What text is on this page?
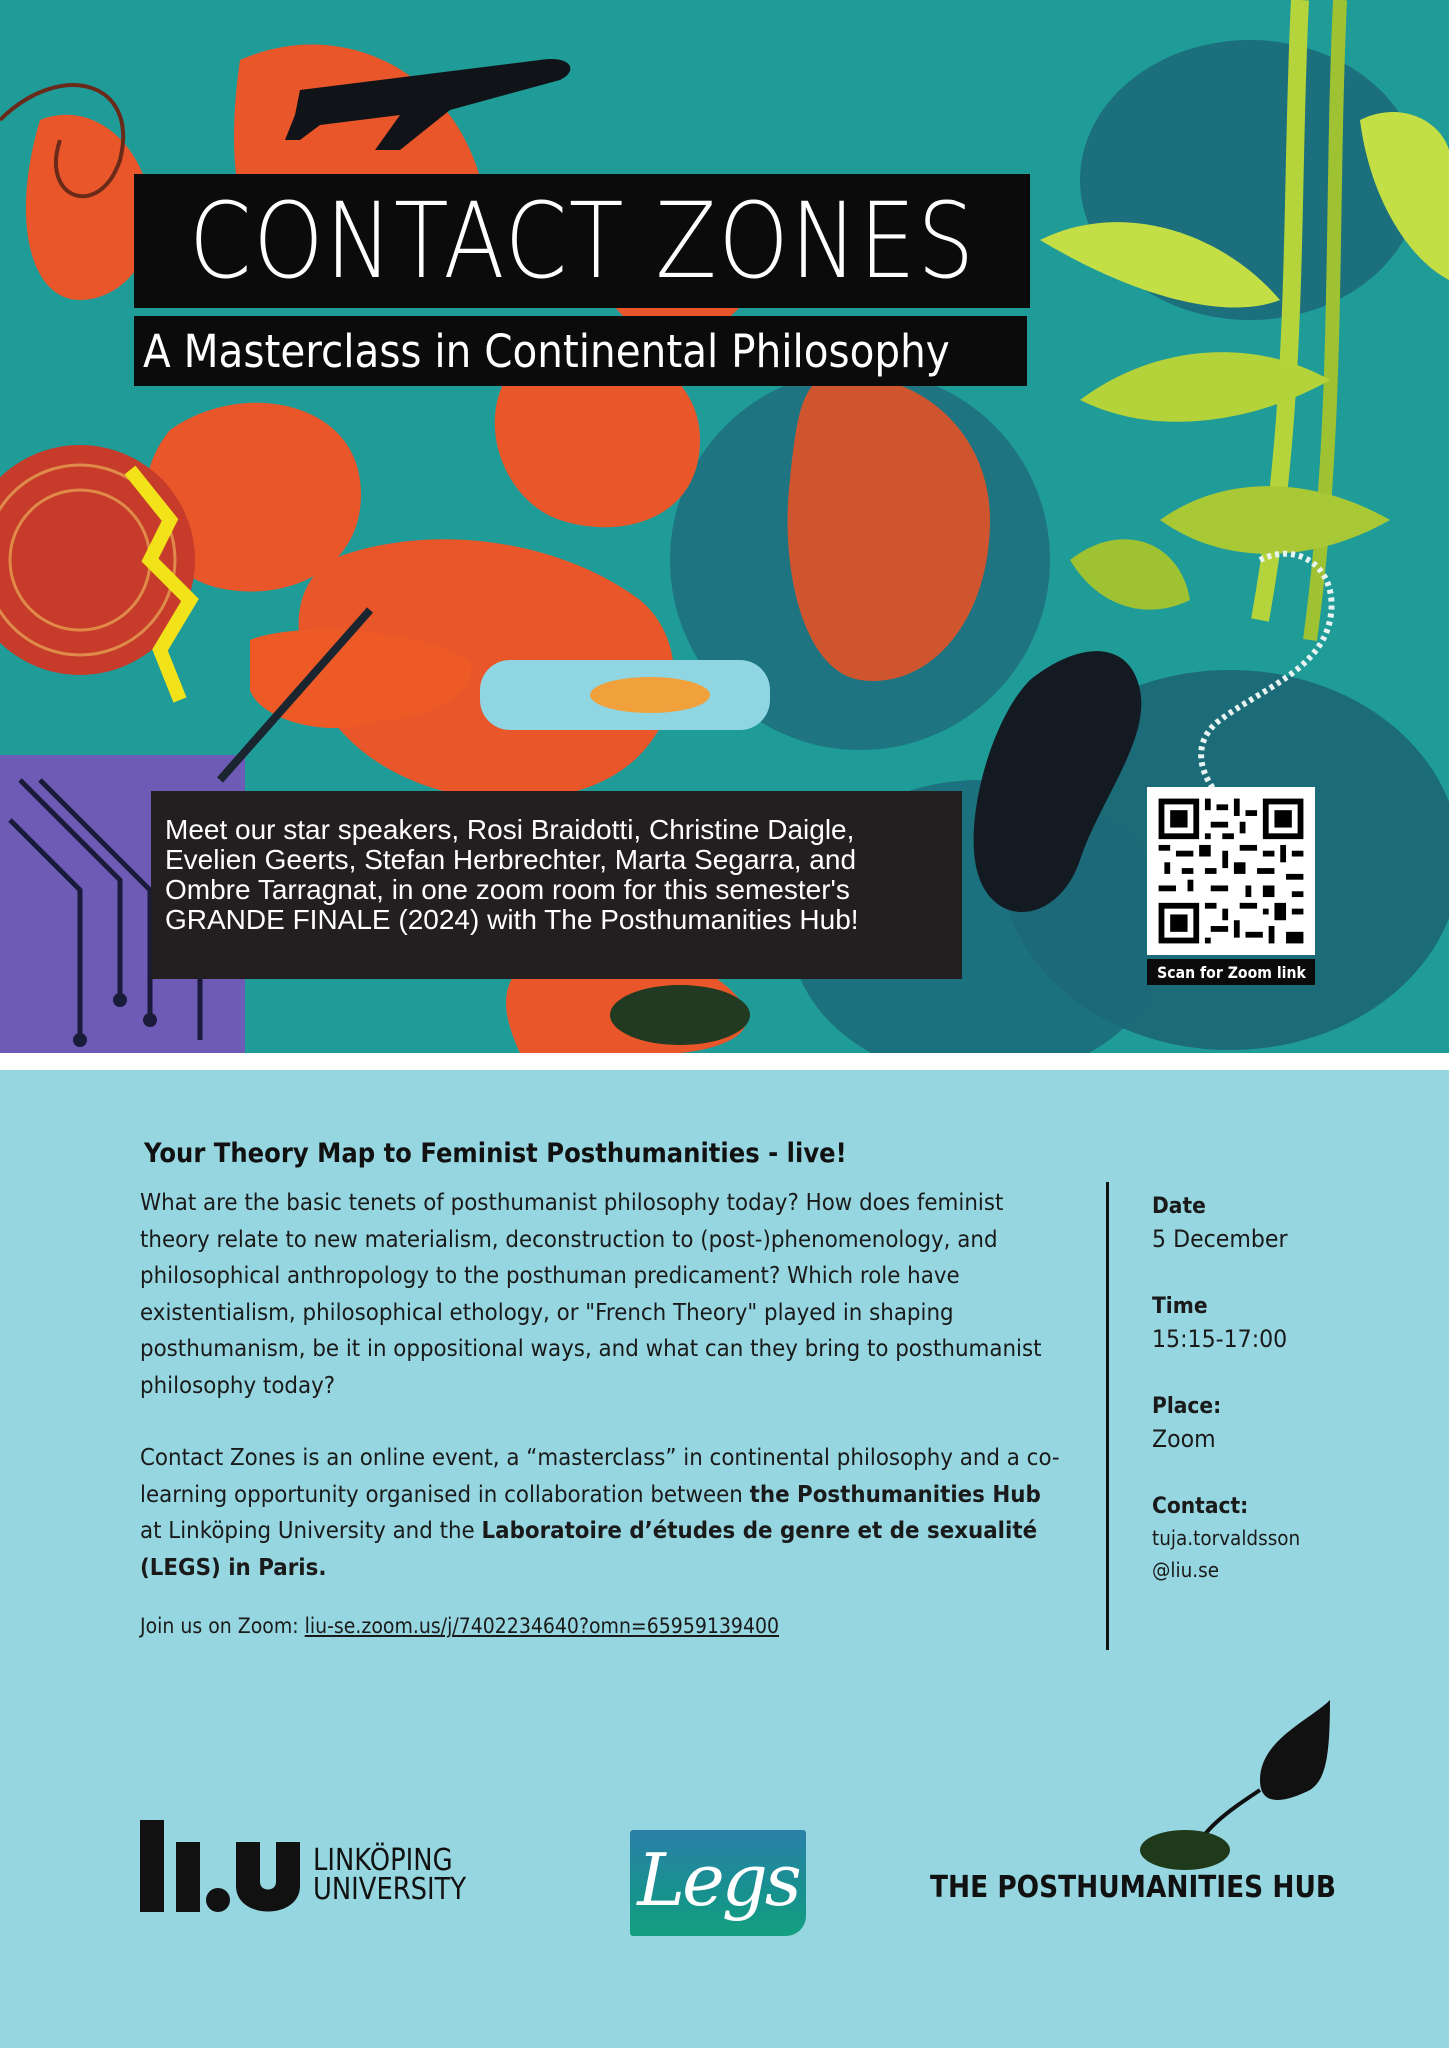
CONTACT ZONES
A Masterclass in Continental Philosophy

Meet our star speakers, Rosi Braidotti, Christine Daigle, Evelien Geerts, Stefan Herbrechter, Marta Segarra, and Ombre Tarragnat, in one zoom room for this semester's GRANDE FINALE (2024) with The Posthumanities Hub!

Scan for Zoom link
Your Theory Map to Feminist Posthumanities - live!

What are the basic tenets of posthumanist philosophy today? How does feminist theory relate to new materialism, deconstruction to (post-)phenomenology, and philosophical anthropology to the posthuman predicament? Which role have existentialism, philosophical ethology, or "French Theory" played in shaping posthumanism, be it in oppositional ways, and what can they bring to posthumanist philosophy today?

Contact Zones is an online event, a “masterclass” in continental philosophy and a co-learning opportunity organised in collaboration between the Posthumanities Hub at Linköping University and the Laboratoire d’études de genre et de sexualité (LEGS) in Paris.

Join us on Zoom: liu-se.zoom.us/j/7402234640?omn=65959139400

Date

5 December

Time

15:15-17:00

Place:

Zoom

Contact:

tuja.torvaldsson

@liu.se

LINKÖPING
UNIVERSITY Legs	THE POSTHUMANITIES HUB
